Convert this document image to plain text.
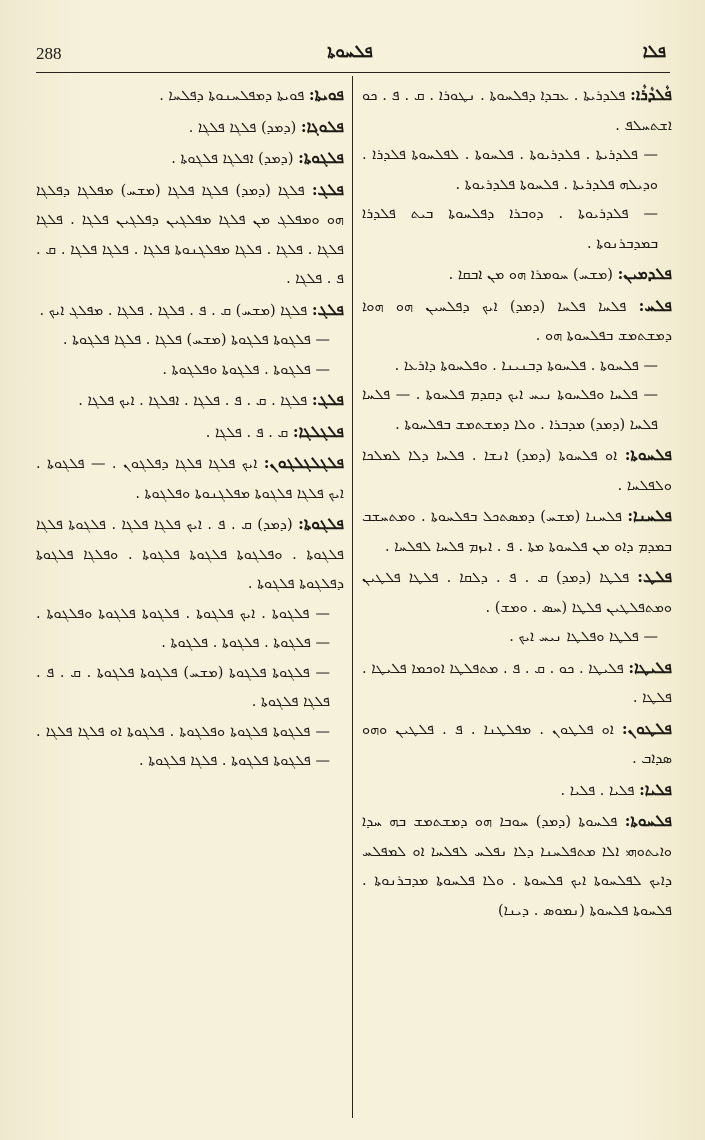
288	ܦܠܚܘܬܐ	ܦܠܐ

ܦܵܠܕܵܪܵܐ: ܦܠܕܪܝܬܐ . ܥܒܕܐ ܕܦܠܚܘܬܐ . ܢܛܘܪܐ . ܩ . ܦ . ܟܘ ܐܫܬܚܠܦ .

— ܦܠܕܪܝܬܐ . ܦܠܕܪܝܘܬܐ . ܦܠܚܘܬܐ . ܠܦܠܚܘܬܐ ܦܠܕܪܐ . ܘܕܝܠܗ ܦܠܕܪܝܬܐ . ܦܠܚܘܬܐ ܦܠܕܪܝܘܬܐ .

— ܦܠܕܪܝܘܬܐ . ܕܘܒܪܐ ܕܦܠܚܘܬܐ ܒܝܬ ܦܠܕܪܐ ܒܡܕܒܪܢܘܬܐ .

ܦܠܕܡܝܢ: (ܡܫܚ) ܚܘܡܪܐ ܗܘ ܡܢ ܐܒܩܐ .

ܦܠܚ: ܦܠܚܐ ܦܠܚܐ (ܕܡܕ) ܐܝܟ ܕܦܠܚܝܢ ܗܘ ܗܘܐ ܕܡܫܬܡܫ ܒܦܠܚܘܬܐ ܗܘ .

— ܦܠܚܘܬܐ . ܦܠܚܘܬܐ ܕܒܢܝܢܐ . ܘܦܠܚܘܬܐ ܕܐܪܥܐ .

— ܦܠܚܐ ܘܦܠܚܘܬܐ ܢܝܚ ܐܝܟ ܕܩܕܡ ܦܠܚܘܬܐ . — ܦܠܚܐ ܦܠܚܐ (ܕܡܕ) ܡܕܒܪܐ . ܘܠܐ ܕܡܫܬܡܫ ܒܦܠܚܘܬܐ .

ܦܠܚܘܬܐ: ܐܘ ܦܠܚܘܬܐ (ܕܡܕ) ܐܢܫܐ . ܦܠܚܐ ܕܠܐ ܠܡܠܟܐ ܘܠܦܠܚܐ .

ܦܠܚܢܐ: ܦܠܚܢܐ (ܡܫܚ) ܕܡܣܬܟܠ ܒܦܠܚܘܬܐ . ܘܡܬܚܫܒ ܒܡܕܡ ܕܐܘ ܡܢ ܦܠܚܘܬܐ ܡܬܐ . ܦ . ܐܝܙܡ ܦܠܚܐ ܠܦܠܚܐ .

ܦܠܛ: ܦܠܛܐ (ܕܡܕ) ܩ . ܦ . ܕܠܩܐ . ܦܠܛܐ ܦܠܛܝܢ ܘܡܬܦܠܛܝܢ ܦܠܛܐ (ܚܣ . ܘܡܫ) .

— ܦܠܛܐ ܘܦܠܛܐ ܢܝܚ ܐܝܟ .

ܦܠܝܛܐ: ܦܠܝܛܐ . ܟܘ . ܩ . ܦ . ܡܬܦܠܛܐ ܐܘܟܡܐ ܦܠܝܛܐ . ܦܠܛܐ .

ܦܠܛܘܢ: ܐܘ ܦܠܛܘܢ . ܡܦܠܛܢܐ . ܦ . ܦܠܛܝܢ ܘܗܘ ܣܕܐܒ .

ܦܠܝܐ: ܦܠܝܐ . ܦܠܝܐ .

ܦܠܚܘܬܐ: ܦܠܚܘܬܐ (ܕܡܕ) ܚܘܒܐ ܗܘ ܕܡܫܬܡܫ ܒܗ ܚܕܐ ܘܐܝܬܘܗܝ ܐܠܐ ܡܬܦܠܚܢܐ ܕܠܐ ܢܦܠܚ ܠܦܠܚܐ ܐܘ ܠܡܦܠܚ ܕܐܝܟ ܠܦܠܚܘܬܐ ܐܝܟ ܦܠܚܘܬܐ . ܘܠܐ ܦܠܚܘܬܐ ܡܕܒܪܢܘܬܐ . ܦܠܚܘܬܐ ܦܠܚܘܬܐ (ܢܡܘܣ . ܕܝܢܐ)

ܦܘܝܬܐ: ܦܘܝܬܐ ܕܡܦܠܚܢܘܬܐ ܕܦܠܚܐ .

ܦܠܘܓܐ: (ܕܡܕ) ܦܠܓܐ ܦܠܓܐ .

ܦܠܓܘܬܐ: (ܕܡܕ) ܐܦܠܓܐ ܦܠܓܘܬܐ .

ܦܠܓ: ܦܠܓܐ (ܕܡܕ) ܦܠܓܐ ܦܠܓܐ (ܡܫܚ) ܡܦܠܓܐ ܕܦܠܓܐ ܗܘ ܘܡܦܠܓ ܡܢ ܦܠܓܐ ܡܦܠܓܝܢ ܕܦܠܓܝܢ ܦܠܓܐ . ܦܠܓܐ ܦܠܓܐ . ܦܠܓܐ . ܦܠܓܐ ܡܦܠܓܢܘܬܐ ܦܠܓܐ . ܦܠܓܐ ܦܠܓܐ . ܩ . ܦ . ܦܠܓܐ .

ܦܠܓ: ܦܠܓܐ (ܡܫܚ) ܩ . ܦ . ܦܠܓܐ . ܦܠܓܐ . ܡܦܠܓ ܐܝܟ .

— ܦܠܓܘܬܐ ܦܠܓܘܬܐ (ܡܫܚ) ܦܠܓܐ . ܦܠܓܐ ܦܠܓܘܬܐ .

— ܦܠܓܘܬܐ . ܦܠܓܘܬܐ ܘܦܠܓܘܬܐ .

ܦܠܓ: ܦܠܓܐ . ܩ . ܦ . ܦܠܓܐ . ܐܦܠܓܐ . ܐܝܟ ܦܠܓܐ .

ܦܠܓܠܓܐ: ܩ . ܦ . ܦܠܓܐ .

ܦܠܓܠܓܠܓܘܢ: ܐܝܟ ܦܠܓܐ ܦܠܓܐ ܕܦܠܓܘܢ . — ܦܠܓܘܬܐ . ܐܝܟ ܦܠܓܐ ܦܠܓܘܬܐ ܡܦܠܓܢܘܬܐ ܘܦܠܓܘܬܐ .

ܦܠܓܘܬܐ: (ܕܡܕ) ܩ . ܦ . ܐܝܟ ܦܠܓܐ ܦܠܓܐ . ܦܠܓܘܬܐ ܦܠܓܐ ܦܠܓܘܬܐ . ܘܦܠܓܘܬܐ ܦܠܓܘܬܐ ܦܠܓܘܬܐ . ܘܦܠܓܐ ܦܠܓܘܬܐ ܕܦܠܓܘܬܐ ܦܠܓܘܬܐ .

— ܦܠܓܘܬܐ . ܐܝܟ ܦܠܓܘܬܐ . ܦܠܓܘܬܐ ܦܠܓܘܬܐ ܘܦܠܓܘܬܐ . — ܦܠܓܘܬܐ . ܦܠܓܘܬܐ . ܦܠܓܘܬܐ .

— ܦܠܓܘܬܐ ܦܠܓܘܬܐ (ܡܫܚ) ܦܠܓܘܬܐ ܦܠܓܘܬܐ . ܩ . ܦ . ܦܠܓܐ ܦܠܓܘܬܐ .

— ܦܠܓܘܬܐ ܦܠܓܘܬܐ ܘܦܠܓܘܬܐ . ܦܠܓܘܬܐ ܐܘ ܦܠܓܐ ܦܠܓܐ . — ܦܠܓܘܬܐ ܦܠܓܘܬܐ . ܦܠܓܐ ܦܠܓܘܬܐ .
